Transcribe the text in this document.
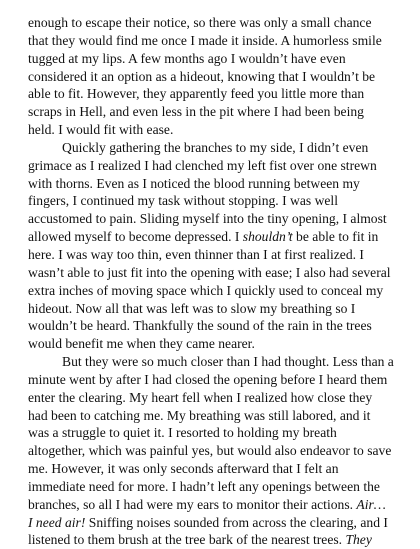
enough to escape their notice, so there was only a small chance
that they would find me once I made it inside. A humorless smile
tugged at my lips. A few months ago I wouldn’t have even
considered it an option as a hideout, knowing that I wouldn’t be
able to fit. However, they apparently feed you little more than
scraps in Hell, and even less in the pit where I had been being
held. I would fit with ease.

Quickly gathering the branches to my side, I didn’t even
grimace as I realized I had clenched my left fist over one strewn
with thorns. Even as I noticed the blood running between my
fingers, I continued my task without stopping. I was well
accustomed to pain. Sliding myself into the tiny opening, I almost
allowed myself to become depressed. I shouldn’t be able to fit in
here. I was way too thin, even thinner than I at first realized. I
wasn’t able to just fit into the opening with ease; I also had several
extra inches of moving space which I quickly used to conceal my
hideout. Now all that was left was to slow my breathing so I
wouldn’t be heard. Thankfully the sound of the rain in the trees
would benefit me when they came nearer.

But they were so much closer than I had thought. Less than a
minute went by after I had closed the opening before I heard them
enter the clearing. My heart fell when I realized how close they
had been to catching me. My breathing was still labored, and it
was a struggle to quiet it. I resorted to holding my breath
altogether, which was painful yes, but would also endeavor to save
me. However, it was only seconds afterward that I felt an
immediate need for more. I hadn’t left any openings between the
branches, so all I had were my ears to monitor their actions. Air…
I need air! Sniffing noises sounded from across the clearing, and I
listened to them brush at the tree bark of the nearest trees. They
